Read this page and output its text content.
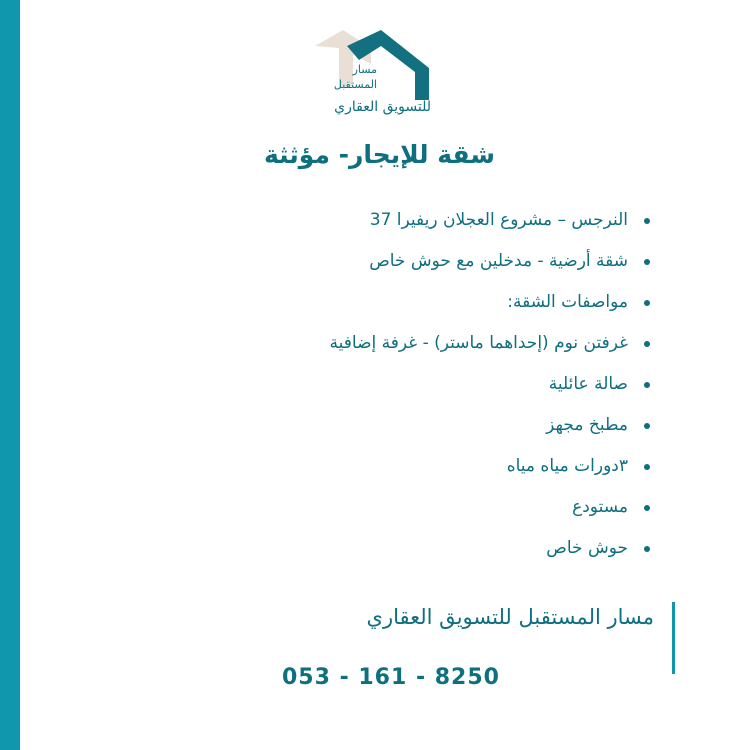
مسار
المستقبل
للتسويق العقاري
شقة للإيجار- مؤثثة
النرجس – مشروع العجلان ريفيرا 37
شقة أرضية - مدخلين مع حوش خاص
مواصفات الشقة:
غرفتن نوم (إحداهما ماستر) - غرفة إضافية
صالة عائلية
مطبخ مجهز
٣دورات مياه مياه
مستودع
حوش خاص
مسار المستقبل للتسويق العقاري
053 - 161 - 8250
